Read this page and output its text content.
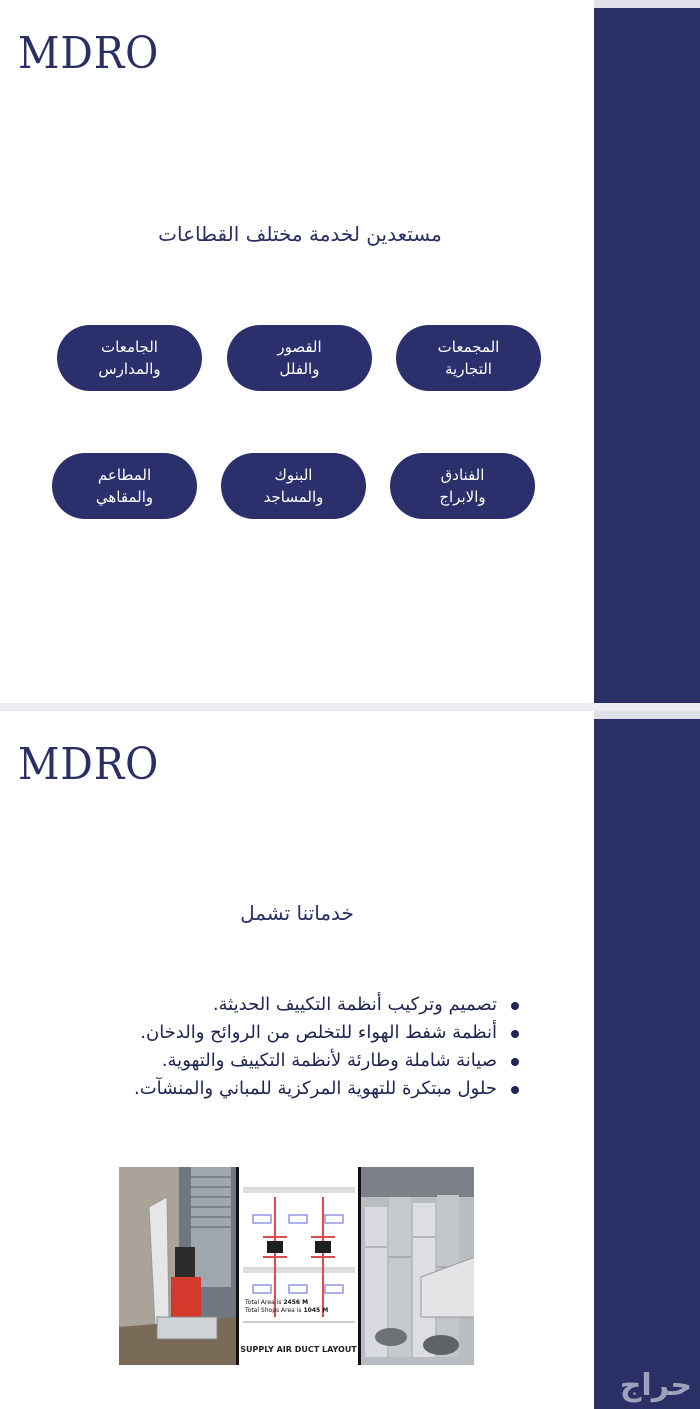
MDRO
مستعدين لخدمة مختلف القطاعات
المجمعات
التجارية
القصور
والفلل
الجامعات
والمدارس
الفنادق
والابراج
البنوك
والمساجد
المطاعم
والمقاهي
MDRO
خدماتنا تشمل
تصميم وتركيب أنظمة التكييف الحديثة.
أنظمة شفط الهواء للتخلص من الروائح والدخان.
صيانة شاملة وطارئة لأنظمة التكييف والتهوية.
حلول مبتكرة للتهوية المركزية للمباني والمنشآت.
Total Area is 2456 M
Total Shops Area is 1045 M
SUPPLY AIR DUCT LAYOUT
حراج
